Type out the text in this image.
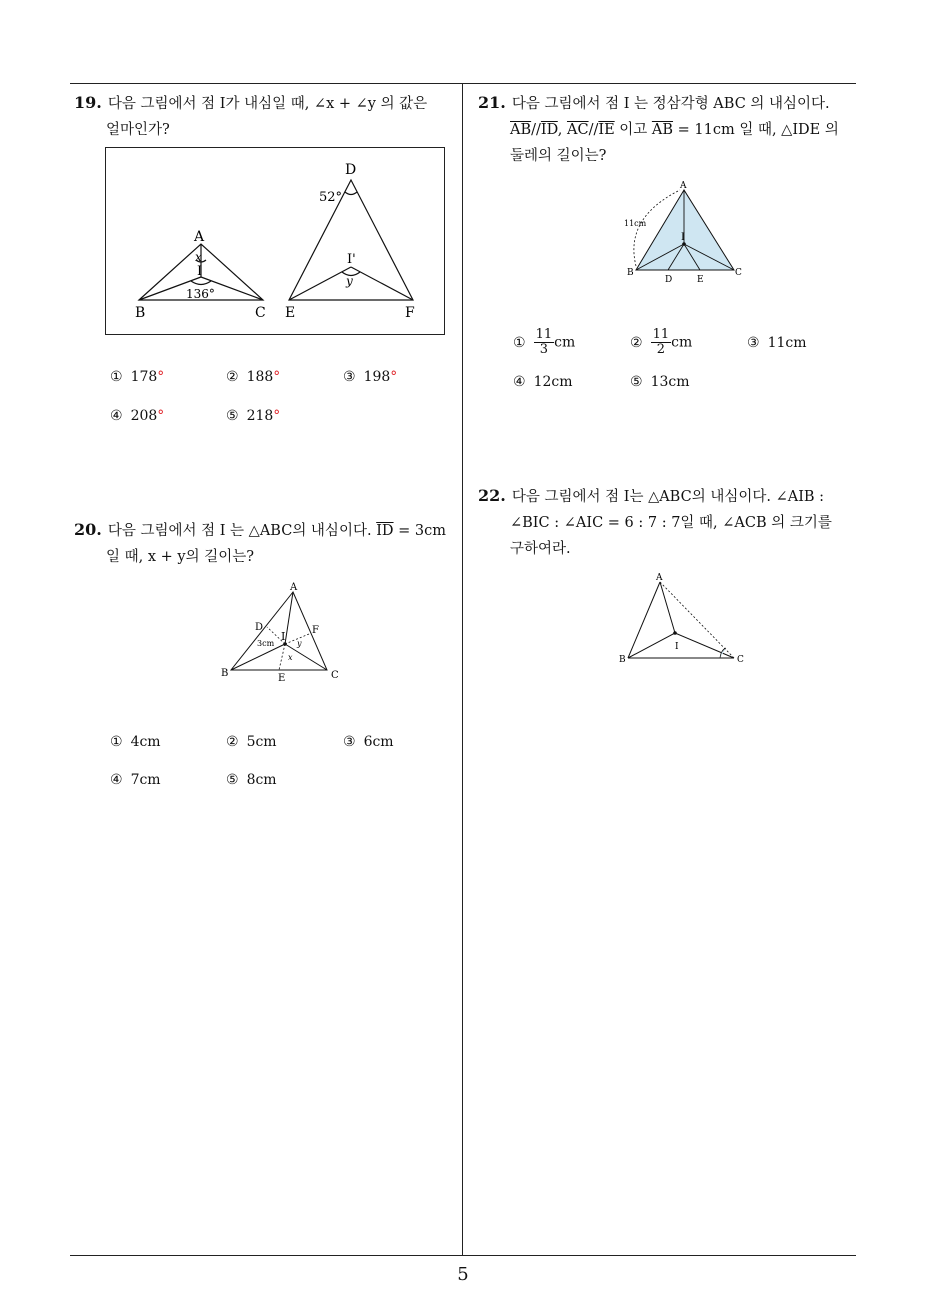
5
19. 다음 그림에서 점 I가 내심일 때, ∠x + ∠y 의 값은
얼마인가?
A
x
I
136°
B	C
D
52°
I'
y
E	F
① 178°	② 188°	③ 198°
④ 208°	⑤ 218°
20. 다음 그림에서 점 I 는 △ABC의 내심이다. $\overline{ID} = 3cm$
일 때, x + y의 길이는?
A
D
I
3cm
F
y
x
B	E	C
① 4cm	② 5cm	③ 6cm
④ 7cm	⑤ 8cm
21. 다음 그림에서 점 I 는 정삼각형 ABC 의 내심이다.
$\overline{AB}//\overline{ID}$, $\overline{AC}//\overline{IE}$ 이고 $\overline{AB} = 11cm$ 일 때, △IDE 의
둘레의 길이는?
A
11cm
I
B
D	E
C
① $\frac{11}{3}$ cm	② $\frac{11}{2}$ cm	③ 11cm
④ 12cm	⑤ 13cm
22. 다음 그림에서 점 I는 △ABC의 내심이다. ∠AIB :
∠BIC : ∠AIC = 6 : 7 : 7일 때, ∠ACB 의 크기를
구하여라.
A
I
B	C
